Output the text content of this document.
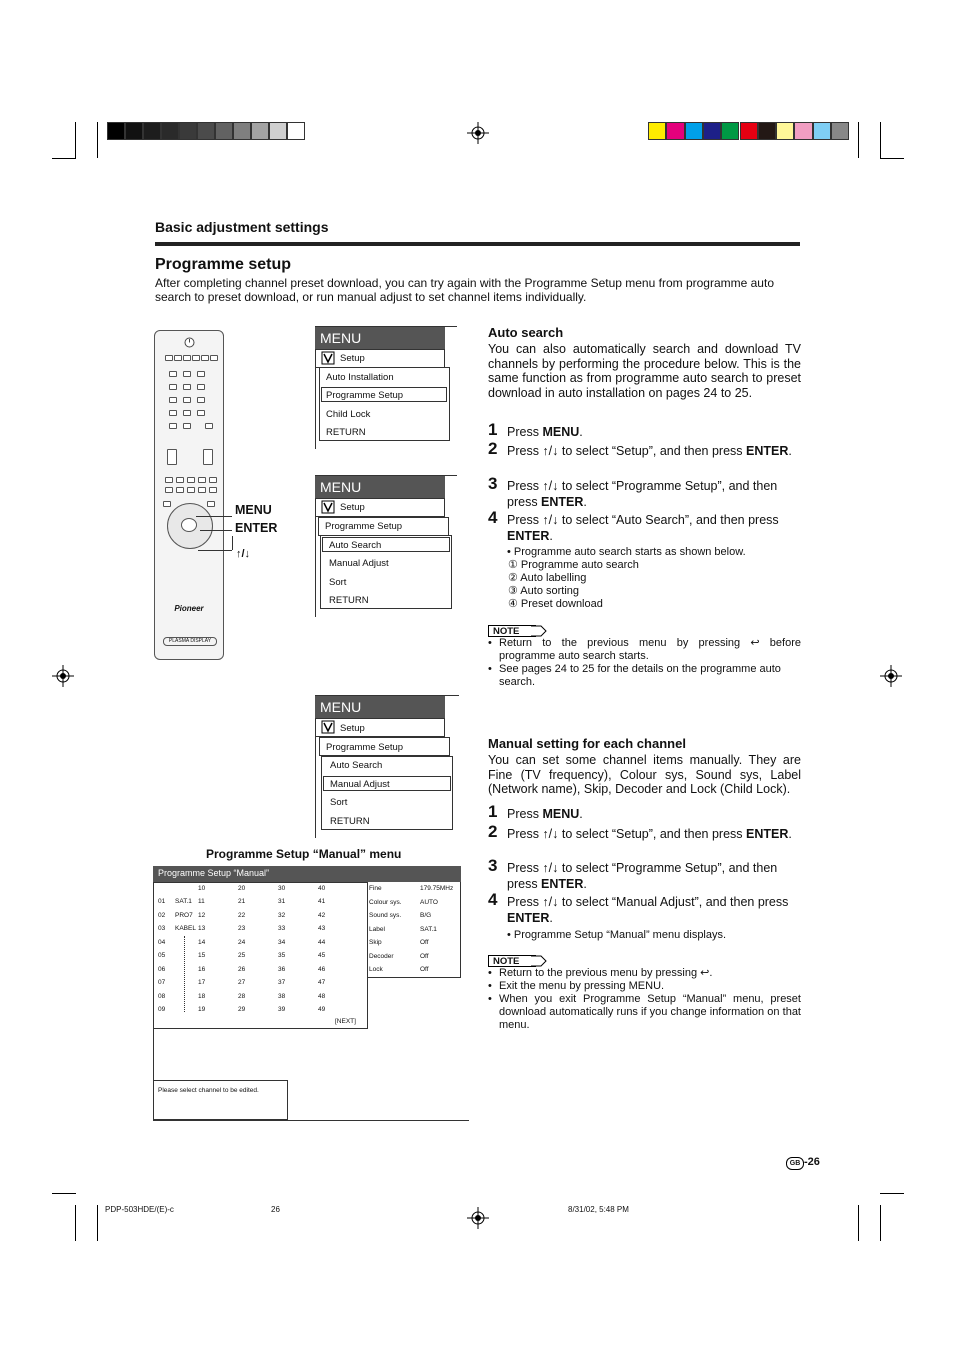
Basic adjustment settings
Programme setup
After completing channel preset download, you can try again with the Programme Setup menu from programme auto search to preset download, or run manual adjust to set channel items individually.
Pioneer
PLASMA DISPLAY
MENU
ENTER
↑/↓
MENU
Setup
Auto Installation
Programme Setup
Child Lock
RETURN
MENU
Setup
Programme Setup
Auto Search
Manual Adjust
Sort
RETURN
MENU
Setup
Programme Setup
Auto Search
Manual Adjust
Sort
RETURN
Programme Setup “Manual” menu
Programme Setup “Manual”
10	20	30	40
01 SAT.1 11	21	31	41
02 PRO7 12	22	32	42
03 KABEL 13	23	33	43
04	14	24	34	44
05	15	25	35	45
06	16	26	36	46
07	17	27	37	47
08	18	28	38	48
09	19	29	39	49
[NEXT]
Fine	179.75MHz
Colour sys.	AUTO
Sound sys.	B/G
Label	SAT.1
Skip	Off
Decoder	Off
Lock	Off
Please select channel to be edited.
Auto search
You can also automatically search and download TV channels by performing the procedure below. This is the same function as from programme auto search to preset download in auto installation on pages 24 to 25.
1 Press MENU.
2 Press ↑/↓ to select “Setup”, and then press ENTER.
3 Press ↑/↓ to select “Programme Setup”, and then press ENTER.
4 Press ↑/↓ to select “Auto Search”, and then press ENTER.
• Programme auto search starts as shown below.
① Programme auto search
② Auto labelling
③ Auto sorting
④ Preset download
NOTE
• Return to the previous menu by pressing ↩ before programme auto search starts.
• See pages 24 to 25 for the details on the programme auto search.
Manual setting for each channel
You can set some channel items manually. They are Fine (TV frequency), Colour sys, Sound sys, Label (Network name), Skip, Decoder and Lock (Child Lock).
1 Press MENU.
2 Press ↑/↓ to select “Setup”, and then press ENTER.
3 Press ↑/↓ to select “Programme Setup”, and then press ENTER.
4 Press ↑/↓ to select “Manual Adjust”, and then press ENTER.
• Programme Setup “Manual” menu displays.
NOTE
• Return to the previous menu by pressing ↩.
• Exit the menu by pressing MENU.
• When you exit Programme Setup “Manual” menu, preset download automatically runs if you change information on that menu.
GB -26
PDP-503HDE/(E)-c	26	8/31/02, 5:48 PM
